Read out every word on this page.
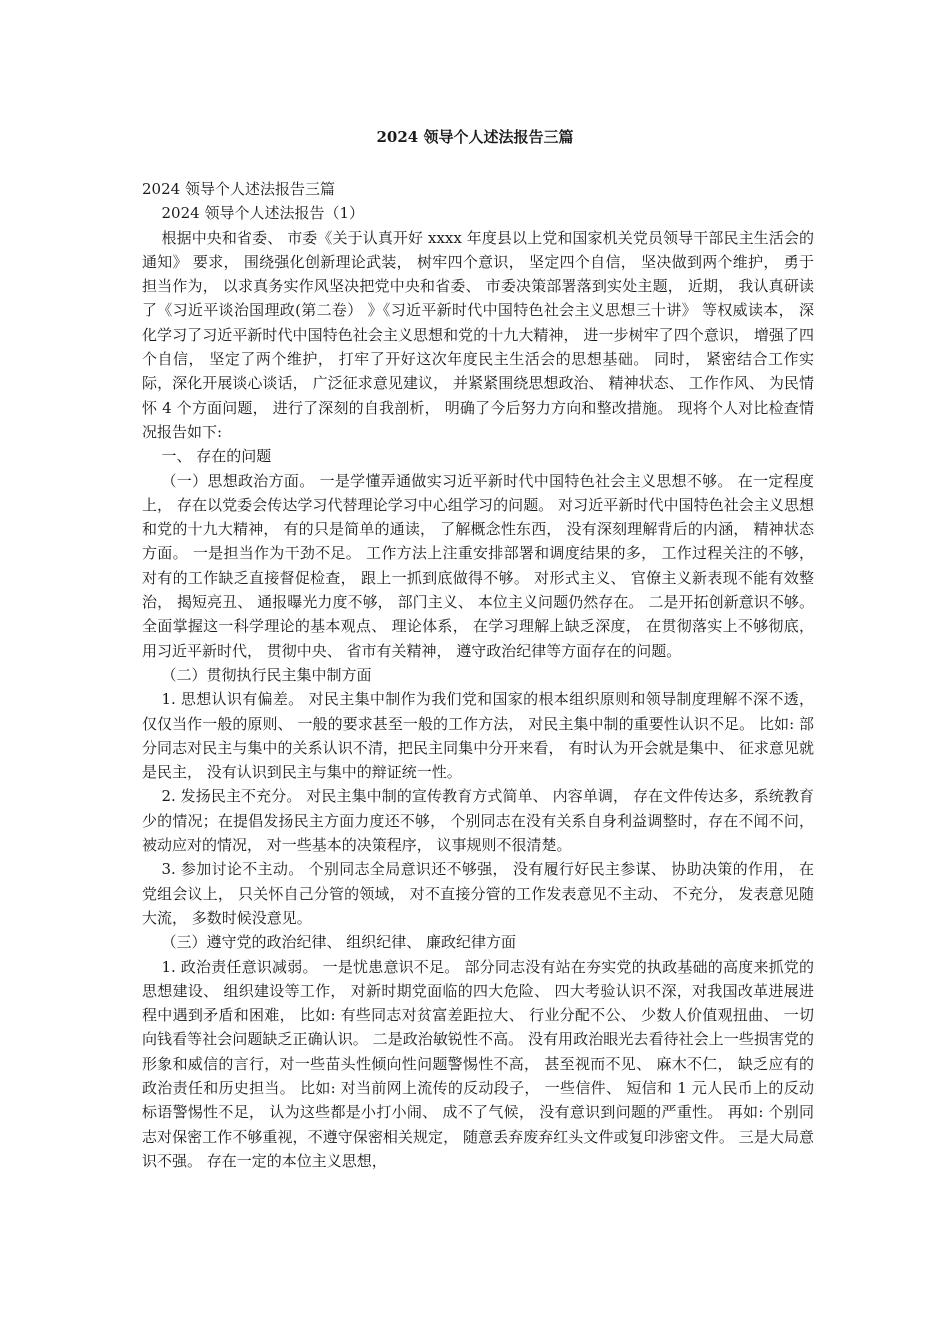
2024 领导个人述法报告三篇

2024 领导个人述法报告三篇

2024 领导个人述法报告（1）

根据中央和省委、 市委《关于认真开好 xxxx 年度县以上党和国家机关党员领导干部民主生活会的通知》 要求， 围绕强化创新理论武装， 树牢四个意识， 坚定四个自信， 坚决做到两个维护， 勇于担当作为， 以求真务实作风坚决把党中央和省委、 市委决策部署落到实处主题， 近期， 我认真研读了《习近平谈治国理政(第二卷） 》《习近平新时代中国特色社会主义思想三十讲》 等权威读本， 深化学习了习近平新时代中国特色社会主义思想和党的十九大精神， 进一步树牢了四个意识， 增强了四个自信， 坚定了两个维护， 打牢了开好这次年度民主生活会的思想基础。 同时， 紧密结合工作实际，深化开展谈心谈话， 广泛征求意见建议， 并紧紧围绕思想政治、 精神状态、 工作作风、 为民情怀 4 个方面问题， 进行了深刻的自我剖析， 明确了今后努力方向和整改措施。 现将个人对比检查情况报告如下:

一、 存在的问题

（一）思想政治方面。 一是学懂弄通做实习近平新时代中国特色社会主义思想不够。 在一定程度上， 存在以党委会传达学习代替理论学习中心组学习的问题。 对习近平新时代中国特色社会主义思想和党的十九大精神， 有的只是简单的通读， 了解概念性东西， 没有深刻理解背后的内涵， 精神状态方面。 一是担当作为干劲不足。 工作方法上注重安排部署和调度结果的多， 工作过程关注的不够， 对有的工作缺乏直接督促检查， 跟上一抓到底做得不够。 对形式主义、 官僚主义新表现不能有效整治， 揭短亮丑、 通报曝光力度不够， 部门主义、 本位主义问题仍然存在。 二是开拓创新意识不够。 全面掌握这一科学理论的基本观点、 理论体系， 在学习理解上缺乏深度， 在贯彻落实上不够彻底， 用习近平新时代， 贯彻中央、 省市有关精神， 遵守政治纪律等方面存在的问题。

（二）贯彻执行民主集中制方面

1. 思想认识有偏差。 对民主集中制作为我们党和国家的根本组织原则和领导制度理解不深不透， 仅仅当作一般的原则、 一般的要求甚至一般的工作方法， 对民主集中制的重要性认识不足。 比如: 部分同志对民主与集中的关系认识不清，把民主同集中分开来看， 有时认为开会就是集中、 征求意见就是民主， 没有认识到民主与集中的辩证统一性。

2. 发扬民主不充分。 对民主集中制的宣传教育方式简单、 内容单调， 存在文件传达多，系统教育少的情况；在提倡发扬民主方面力度还不够， 个别同志在没有关系自身利益调整时，存在不闻不问， 被动应对的情况， 对一些基本的决策程序， 议事规则不很清楚。

3. 参加讨论不主动。 个别同志全局意识还不够强， 没有履行好民主参谋、 协助决策的作用， 在党组会议上， 只关怀自己分管的领域， 对不直接分管的工作发表意见不主动、 不充分， 发表意见随大流， 多数时候没意见。

（三）遵守党的政治纪律、 组织纪律、 廉政纪律方面

1. 政治责任意识减弱。 一是忧患意识不足。 部分同志没有站在夯实党的执政基础的高度来抓党的思想建设、 组织建设等工作， 对新时期党面临的四大危险、 四大考验认识不深，对我国改革进展进程中遇到矛盾和困难， 比如: 有些同志对贫富差距拉大、 行业分配不公、 少数人价值观扭曲、 一切向钱看等社会问题缺乏正确认识。 二是政治敏锐性不高。 没有用政治眼光去看待社会上一些损害党的形象和威信的言行，对一些苗头性倾向性问题警惕性不高， 甚至视而不见、 麻木不仁， 缺乏应有的政治责任和历史担当。 比如: 对当前网上流传的反动段子， 一些信件、 短信和 1 元人民币上的反动标语警惕性不足， 认为这些都是小打小闹、 成不了气候， 没有意识到问题的严重性。 再如: 个别同志对保密工作不够重视，不遵守保密相关规定， 随意丢弃废弃红头文件或复印涉密文件。 三是大局意识不强。 存在一定的本位主义思想，
